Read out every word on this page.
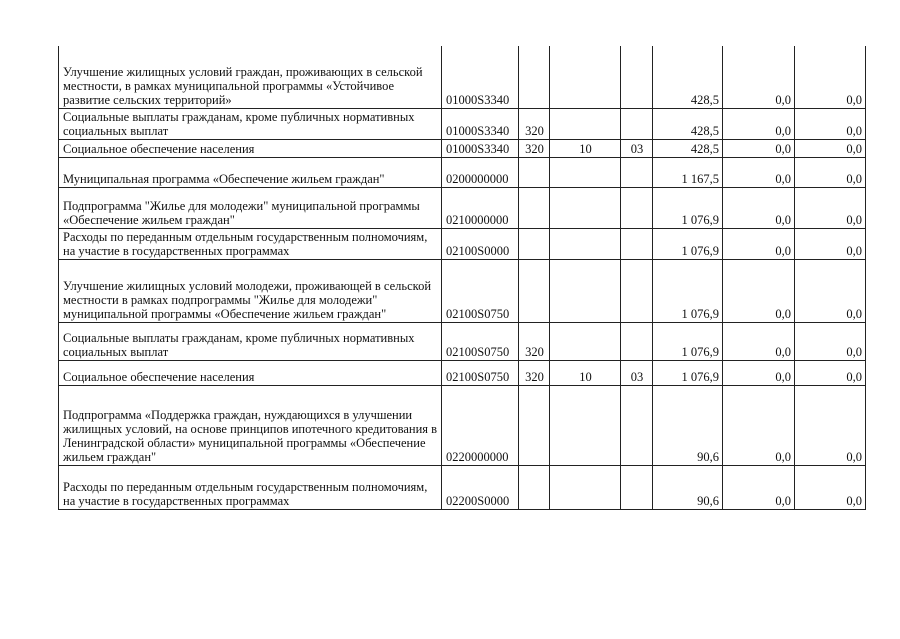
Улучшение жилищных условий граждан, проживающих в сельской местности, в рамках муниципальной программы «Устойчивое развитие сельских территорий»	01000S3340				428,5	0,0	0,0
Социальные выплаты гражданам, кроме публичных нормативных социальных выплат	01000S3340	320			428,5	0,0	0,0
Социальное обеспечение населения	01000S3340	320	10	03	428,5	0,0	0,0
Муниципальная программа «Обеспечение жильем граждан"	0200000000				1 167,5	0,0	0,0
Подпрограмма "Жилье для молодежи" муниципальной программы «Обеспечение жильем граждан"	0210000000				1 076,9	0,0	0,0
Расходы по переданным отдельным государственным полномочиям, на участие в государственных программах	02100S0000				1 076,9	0,0	0,0
Улучшение жилищных условий молодежи, проживающей в сельской местности в рамках подпрограммы "Жилье для молодежи" муниципальной программы «Обеспечение жильем граждан"	02100S0750				1 076,9	0,0	0,0
Социальные выплаты гражданам, кроме публичных нормативных социальных выплат	02100S0750	320			1 076,9	0,0	0,0
Социальное обеспечение населения	02100S0750	320	10	03	1 076,9	0,0	0,0
Подпрограмма «Поддержка граждан, нуждающихся в улучшении жилищных условий, на основе принципов ипотечного кредитования в Ленинградской области» муниципальной программы «Обеспечение жильем граждан"	0220000000				90,6	0,0	0,0
Расходы по переданным отдельным государственным полномочиям, на участие в государственных программах	02200S0000				90,6	0,0	0,0
